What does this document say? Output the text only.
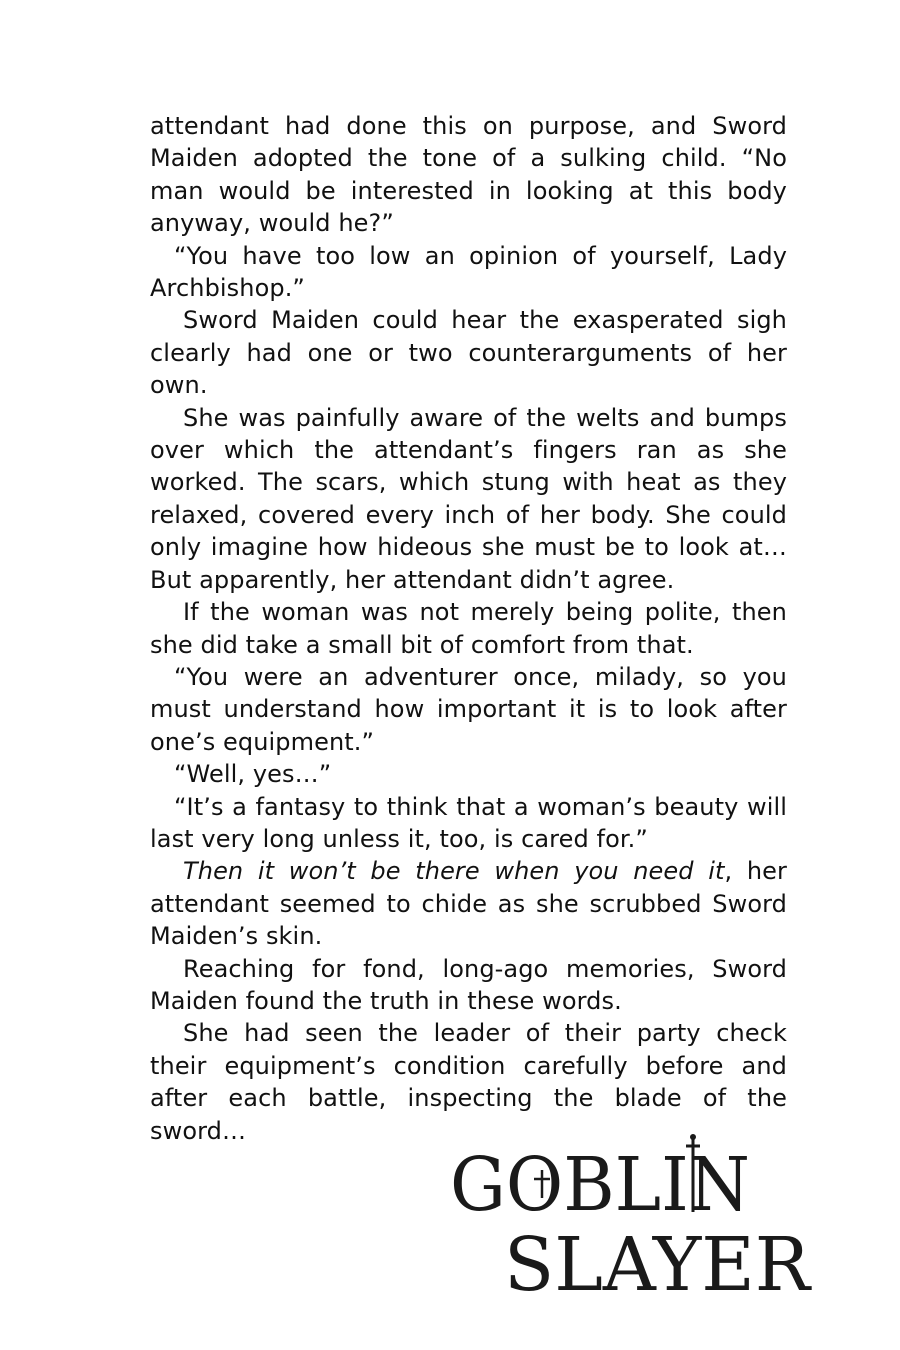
attendant had done this on purpose, and Sword Maiden adopted the tone of a sulking child. “No man would be interested in looking at this body anyway, would he?”

“You have too low an opinion of yourself, Lady Archbishop.”

Sword Maiden could hear the exasperated sigh clearly had one or two counterarguments of her own.

She was painfully aware of the welts and bumps over which the attendant’s fingers ran as she worked. The scars, which stung with heat as they relaxed, covered every inch of her body. She could only imagine how hideous she must be to look at… But apparently, her attendant didn’t agree.

If the woman was not merely being polite, then she did take a small bit of comfort from that.

“You were an adventurer once, milady, so you must understand how important it is to look after one’s equipment.”

“Well, yes…”

“It’s a fantasy to think that a woman’s beauty will last very long unless it, too, is cared for.”

Then it won’t be there when you need it, her attendant seemed to chide as she scrubbed Sword Maiden’s skin.

Reaching for fond, long-ago memories, Sword Maiden found the truth in these words.

She had seen the leader of their party check their equipment’s condition carefully before and after each battle, inspecting the blade of the sword…

GOBLIN
SLAYER
